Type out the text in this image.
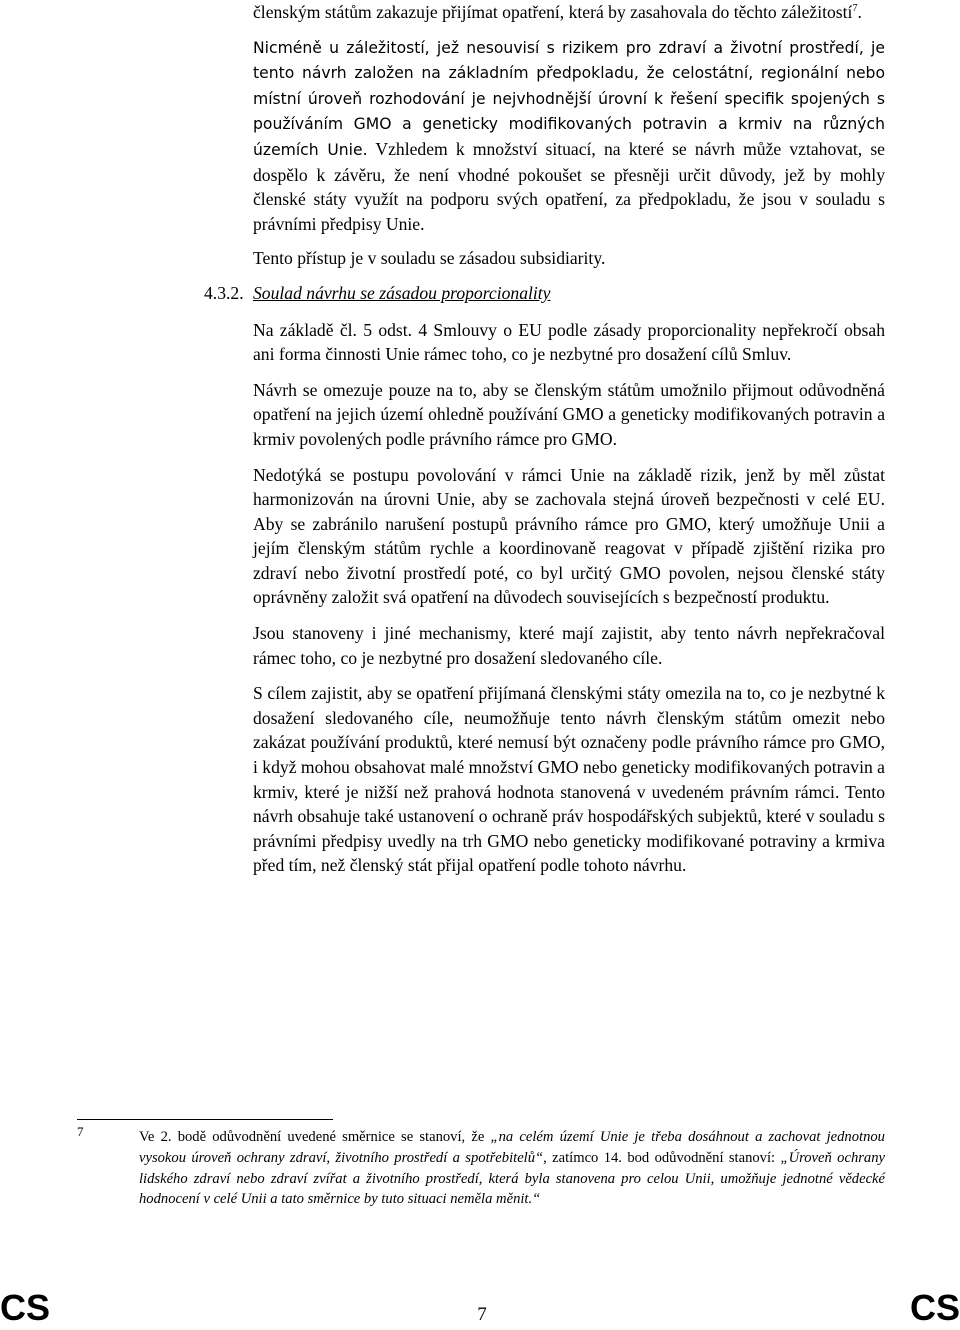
členským státům zakazuje přijímat opatření, která by zasahovala do těchto záležitostí$^7$.

Nicméně u záležitostí, jež nesouvisí s rizikem pro zdraví a životní prostředí, je tento návrh založen na základním předpokladu, že celostátní, regionální nebo místní úroveň rozhodování je nejvhodnější úrovní k řešení specifik spojených s používáním GMO a geneticky modifikovaných potravin a krmiv na různých územích Unie. Vzhledem k množství situací, na které se návrh může vztahovat, se dospělo k závěru, že není vhodné pokoušet se přesněji určit důvody, jež by mohly členské státy využít na podporu svých opatření, za předpokladu, že jsou v souladu s právními předpisy Unie.

Tento přístup je v souladu se zásadou subsidiarity.

4.3.2. Soulad návrhu se zásadou proporcionality

Na základě čl. 5 odst. 4 Smlouvy o EU podle zásady proporcionality nepřekročí obsah ani forma činnosti Unie rámec toho, co je nezbytné pro dosažení cílů Smluv.

Návrh se omezuje pouze na to, aby se členským státům umožnilo přijmout odůvodněná opatření na jejich území ohledně používání GMO a geneticky modifikovaných potravin a krmiv povolených podle právního rámce pro GMO.

Nedotýká se postupu povolování v rámci Unie na základě rizik, jenž by měl zůstat harmonizován na úrovni Unie, aby se zachovala stejná úroveň bezpečnosti v celé EU. Aby se zabránilo narušení postupů právního rámce pro GMO, který umožňuje Unii a jejím členským státům rychle a koordinovaně reagovat v případě zjištění rizika pro zdraví nebo životní prostředí poté, co byl určitý GMO povolen, nejsou členské státy oprávněny založit svá opatření na důvodech souvisejících s bezpečností produktu.

Jsou stanoveny i jiné mechanismy, které mají zajistit, aby tento návrh nepřekračoval rámec toho, co je nezbytné pro dosažení sledovaného cíle.

S cílem zajistit, aby se opatření přijímaná členskými státy omezila na to, co je nezbytné k dosažení sledovaného cíle, neumožňuje tento návrh členským státům omezit nebo zakázat používání produktů, které nemusí být označeny podle právního rámce pro GMO, i když mohou obsahovat malé množství GMO nebo geneticky modifikovaných potravin a krmiv, které je nižší než prahová hodnota stanovená v uvedeném právním rámci. Tento návrh obsahuje také ustanovení o ochraně práv hospodářských subjektů, které v souladu s právními předpisy uvedly na trh GMO nebo geneticky modifikované potraviny a krmiva před tím, než členský stát přijal opatření podle tohoto návrhu.

7	Ve 2. bodě odůvodnění uvedené směrnice se stanoví, že „na celém území Unie je třeba dosáhnout a zachovat jednotnou vysokou úroveň ochrany zdraví, životního prostředí a spotřebitelů“, zatímco 14. bod odůvodnění stanoví: „Úroveň ochrany lidského zdraví nebo zdraví zvířat a životního prostředí, která byla stanovena pro celou Unii, umožňuje jednotné vědecké hodnocení v celé Unii a tato směrnice by tuto situaci neměla měnit.“
CS	7	CS
